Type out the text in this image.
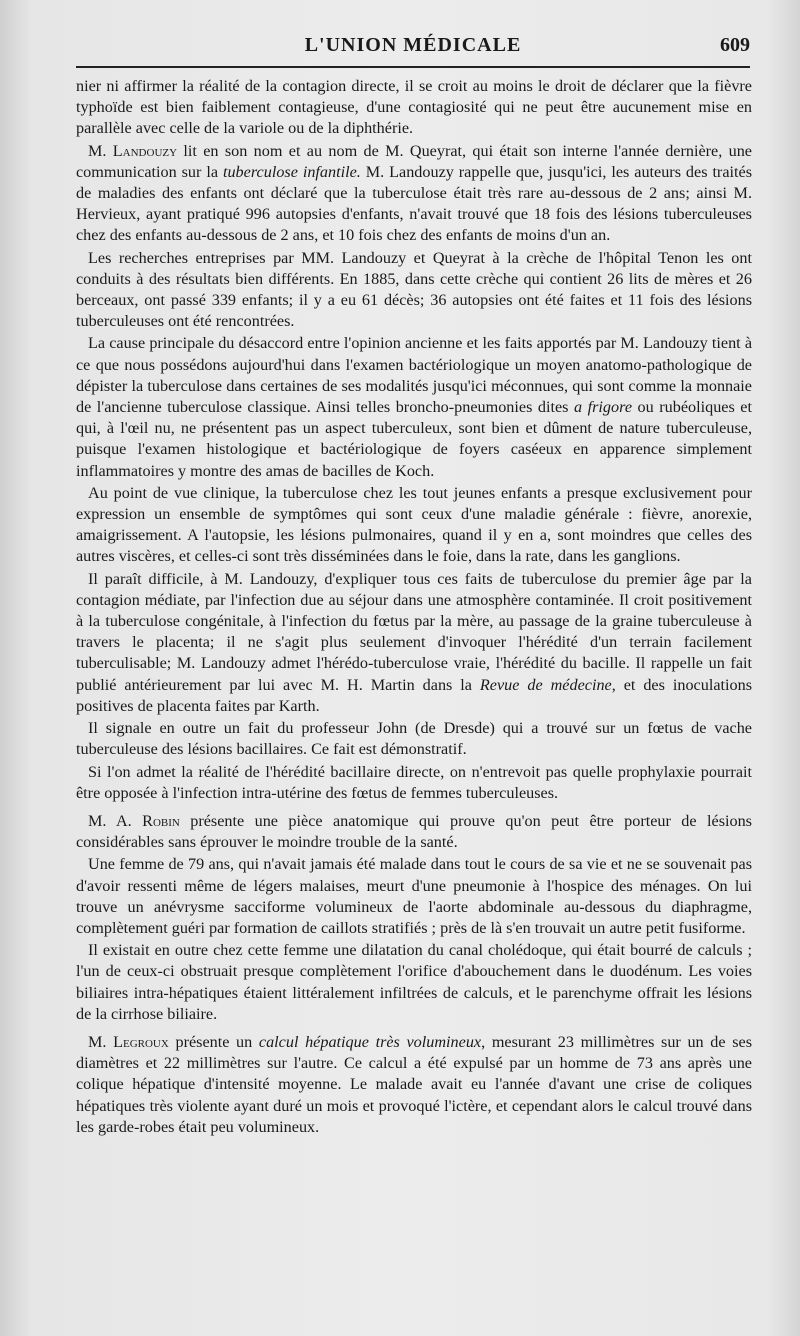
L'UNION MÉDICALE	609

nier ni affirmer la réalité de la contagion directe, il se croit au moins le droit de déclarer que la fièvre typhoïde est bien faiblement contagieuse, d'une contagiosité qui ne peut être aucunement mise en parallèle avec celle de la variole ou de la diphthérie.

M. Landouzy lit en son nom et au nom de M. Queyrat, qui était son interne l'année dernière, une communication sur la tuberculose infantile. M. Landouzy rappelle que, jusqu'ici, les auteurs des traités de maladies des enfants ont déclaré que la tuberculose était très rare au-dessous de 2 ans; ainsi M. Hervieux, ayant pratiqué 996 autopsies d'enfants, n'avait trouvé que 18 fois des lésions tuberculeuses chez des enfants au-dessous de 2 ans, et 10 fois chez des enfants de moins d'un an.

Les recherches entreprises par MM. Landouzy et Queyrat à la crèche de l'hôpital Tenon les ont conduits à des résultats bien différents. En 1885, dans cette crèche qui contient 26 lits de mères et 26 berceaux, ont passé 339 enfants; il y a eu 61 décès; 36 autopsies ont été faites et 11 fois des lésions tuberculeuses ont été rencontrées.

La cause principale du désaccord entre l'opinion ancienne et les faits apportés par M. Landouzy tient à ce que nous possédons aujourd'hui dans l'examen bactériologique un moyen anatomo-pathologique de dépister la tuberculose dans certaines de ses modalités jusqu'ici méconnues, qui sont comme la monnaie de l'ancienne tuberculose classique. Ainsi telles broncho-pneumonies dites a frigore ou rubéoliques et qui, à l'œil nu, ne présentent pas un aspect tuberculeux, sont bien et dûment de nature tuberculeuse, puisque l'examen histologique et bactériologique de foyers caséeux en apparence simplement inflammatoires y montre des amas de bacilles de Koch.

Au point de vue clinique, la tuberculose chez les tout jeunes enfants a presque exclusivement pour expression un ensemble de symptômes qui sont ceux d'une maladie générale : fièvre, anorexie, amaigrissement. A l'autopsie, les lésions pulmonaires, quand il y en a, sont moindres que celles des autres viscères, et celles-ci sont très disséminées dans le foie, dans la rate, dans les ganglions.

Il paraît difficile, à M. Landouzy, d'expliquer tous ces faits de tuberculose du premier âge par la contagion médiate, par l'infection due au séjour dans une atmosphère contaminée. Il croit positivement à la tuberculose congénitale, à l'infection du fœtus par la mère, au passage de la graine tuberculeuse à travers le placenta; il ne s'agit plus seulement d'invoquer l'hérédité d'un terrain facilement tuberculisable; M. Landouzy admet l'hérédo-tuberculose vraie, l'hérédité du bacille. Il rappelle un fait publié antérieurement par lui avec M. H. Martin dans la Revue de médecine, et des inoculations positives de placenta faites par Karth.

Il signale en outre un fait du professeur John (de Dresde) qui a trouvé sur un fœtus de vache tuberculeuse des lésions bacillaires. Ce fait est démonstratif.

Si l'on admet la réalité de l'hérédité bacillaire directe, on n'entrevoit pas quelle prophylaxie pourrait être opposée à l'infection intra-utérine des fœtus de femmes tuberculeuses.

M. A. Robin présente une pièce anatomique qui prouve qu'on peut être porteur de lésions considérables sans éprouver le moindre trouble de la santé.

Une femme de 79 ans, qui n'avait jamais été malade dans tout le cours de sa vie et ne se souvenait pas d'avoir ressenti même de légers malaises, meurt d'une pneumonie à l'hospice des ménages. On lui trouve un anévrysme sacciforme volumineux de l'aorte abdominale au-dessous du diaphragme, complètement guéri par formation de caillots stratifiés ; près de là s'en trouvait un autre petit fusiforme.

Il existait en outre chez cette femme une dilatation du canal cholédoque, qui était bourré de calculs ; l'un de ceux-ci obstruait presque complètement l'orifice d'abouchement dans le duodénum. Les voies biliaires intra-hépatiques étaient littéralement infiltrées de calculs, et le parenchyme offrait les lésions de la cirrhose biliaire.

M. Legroux présente un calcul hépatique très volumineux, mesurant 23 millimètres sur un de ses diamètres et 22 millimètres sur l'autre. Ce calcul a été expulsé par un homme de 73 ans après une colique hépatique d'intensité moyenne. Le malade avait eu l'année d'avant une crise de coliques hépatiques très violente ayant duré un mois et provoqué l'ictère, et cependant alors le calcul trouvé dans les garde-robes était peu volumineux.
